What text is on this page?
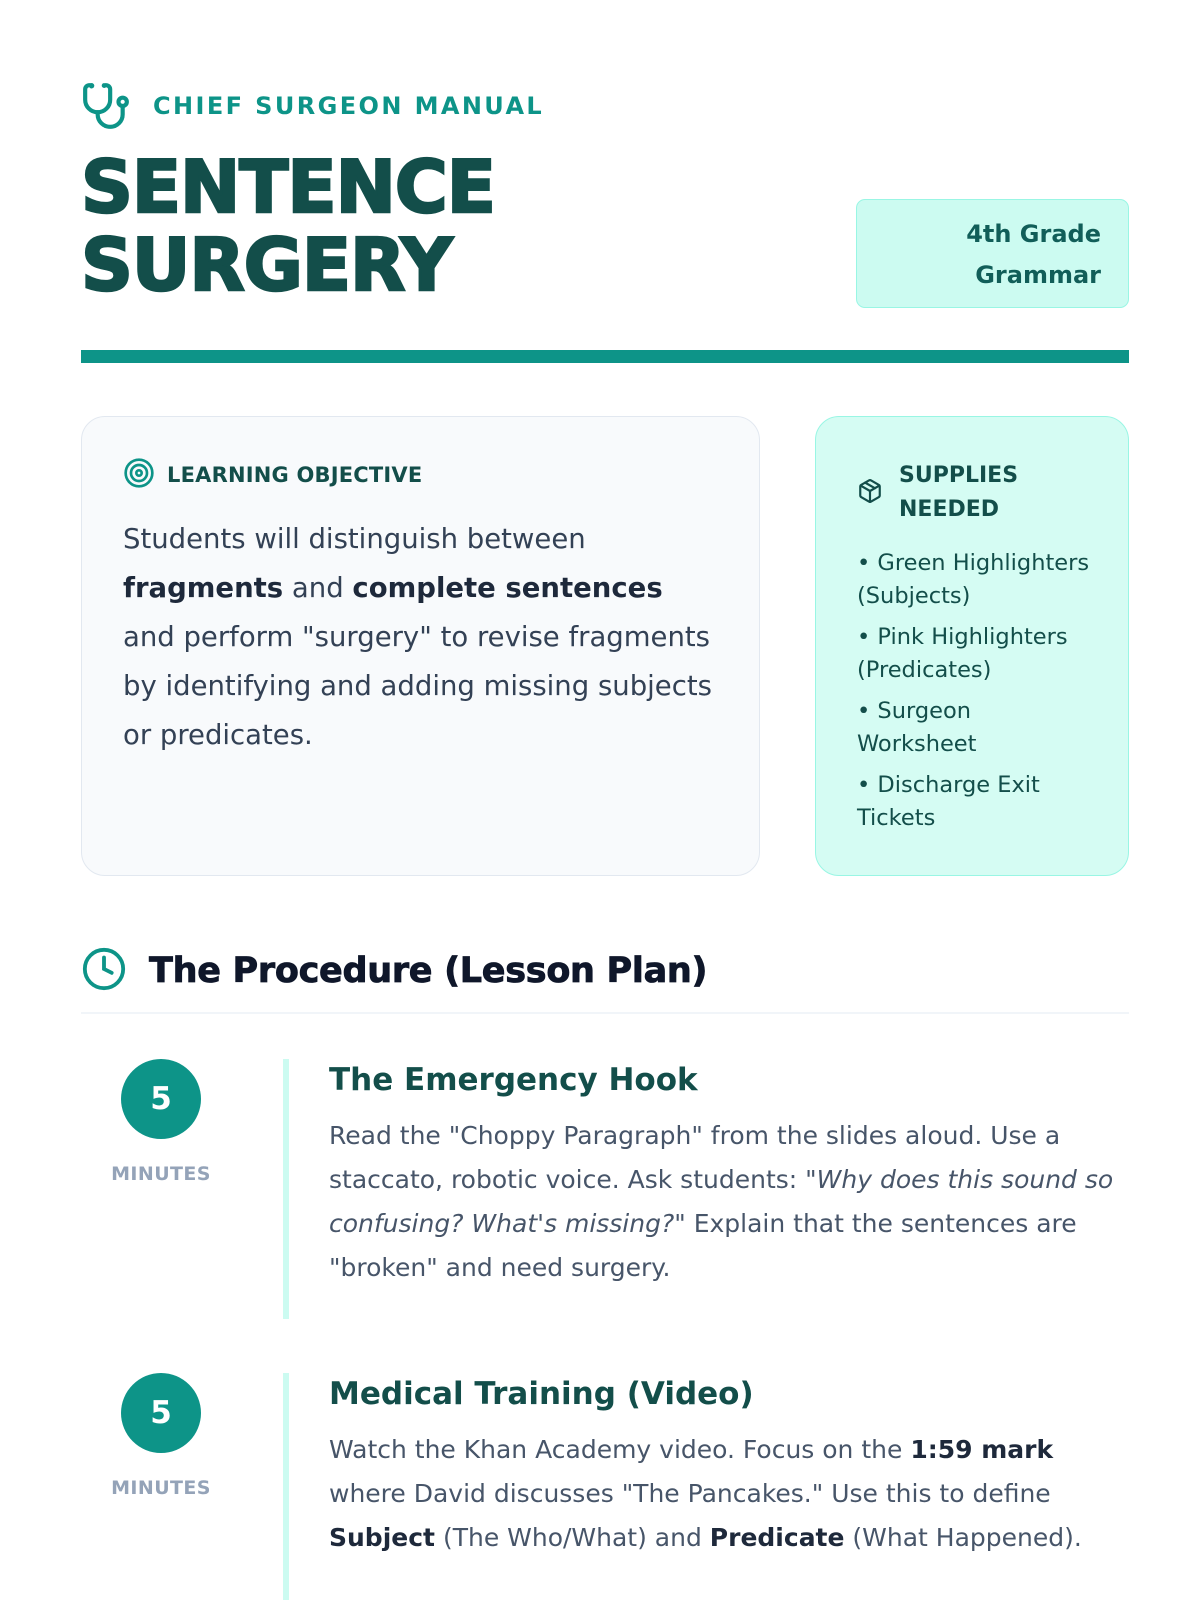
CHIEF SURGEON MANUAL
SENTENCE
SURGERY	4th Grade
Grammar
LEARNING OBJECTIVE

Students will distinguish between fragments and complete sentences and perform "surgery" to revise fragments by identifying and adding missing subjects or predicates.

SUPPLIES NEEDED
• Green Highlighters (Subjects)
• Pink Highlighters (Predicates)
• Surgeon Worksheet
• Discharge Exit Tickets
The Procedure (Lesson Plan)
5
MINUTES
The Emergency Hook

Read the "Choppy Paragraph" from the slides aloud. Use a staccato, robotic voice. Ask students: "Why does this sound so confusing? What's missing?" Explain that the sentences are "broken" and need surgery.

5
MINUTES
Medical Training (Video)

Watch the Khan Academy video. Focus on the 1:59 mark where David discusses "The Pancakes." Use this to define Subject (The Who/What) and Predicate (What Happened).
